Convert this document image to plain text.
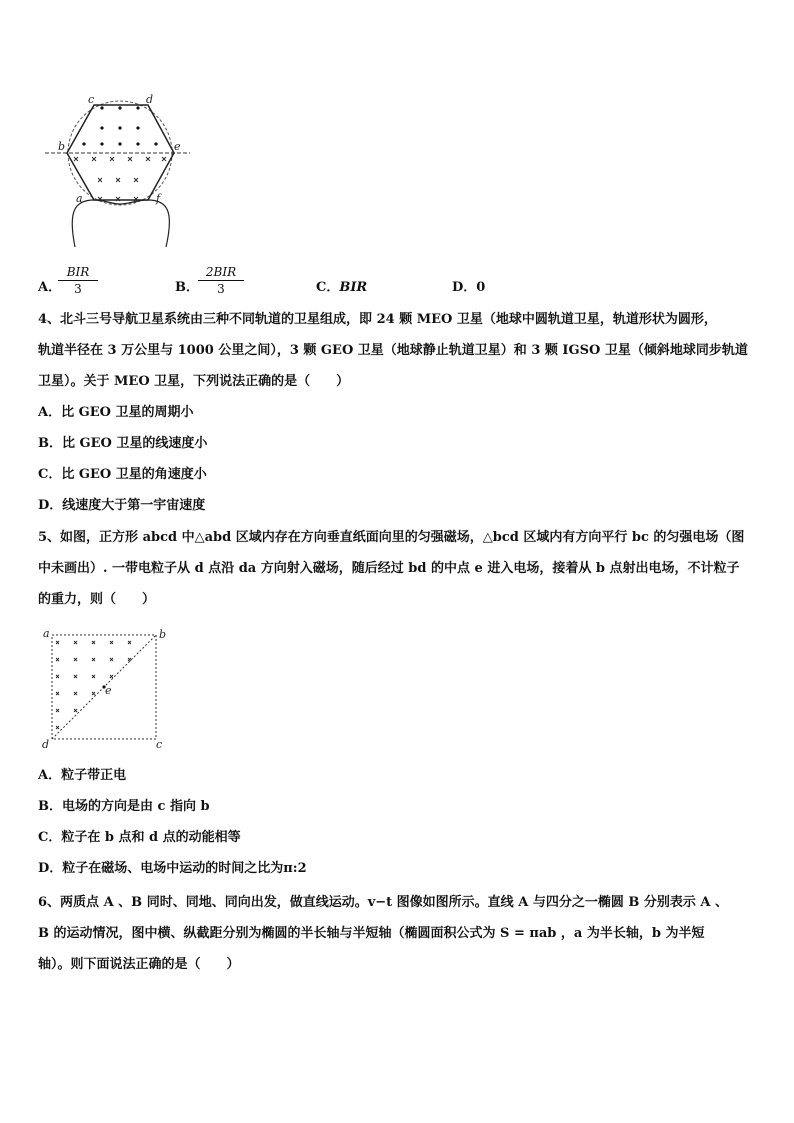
c	d
b	e
a	f
A．
BIR
3	B．
2BIR
3	C．BIR	D．0
4、北斗三号导航卫星系统由三种不同轨道的卫星组成，即 24 颗 MEO 卫星（地球中圆轨道卫星，轨道形状为圆形，
轨道半径在 3 万公里与 1000 公里之间），3 颗 GEO 卫星（地球静止轨道卫星）和 3 颗 IGSO 卫星（倾斜地球同步轨道
卫星）。关于 MEO 卫星，下列说法正确的是（　　）
A．比 GEO 卫星的周期小
B．比 GEO 卫星的线速度小
C．比 GEO 卫星的角速度小
D．线速度大于第一宇宙速度
5、如图，正方形 abcd 中△abd 区域内存在方向垂直纸面向里的匀强磁场，△bcd 区域内有方向平行 bc 的匀强电场（图
中未画出）. 一带电粒子从 d 点沿 da 方向射入磁场，随后经过 bd 的中点 e 进入电场，接着从 b 点射出电场，不计粒子
的重力，则（　　）
a	b
c
d
e
A．粒子带正电
B．电场的方向是由 c 指向 b
C．粒子在 b 点和 d 点的动能相等
D．粒子在磁场、电场中运动的时间之比为π:2
6、两质点 A 、B 同时、同地、同向出发，做直线运动。v−t 图像如图所示。直线 A 与四分之一椭圆 B 分别表示 A 、
B 的运动情况，图中横、纵截距分别为椭圆的半长轴与半短轴（椭圆面积公式为 S = πab ，a 为半长轴，b 为半短
轴）。则下面说法正确的是（　　）
